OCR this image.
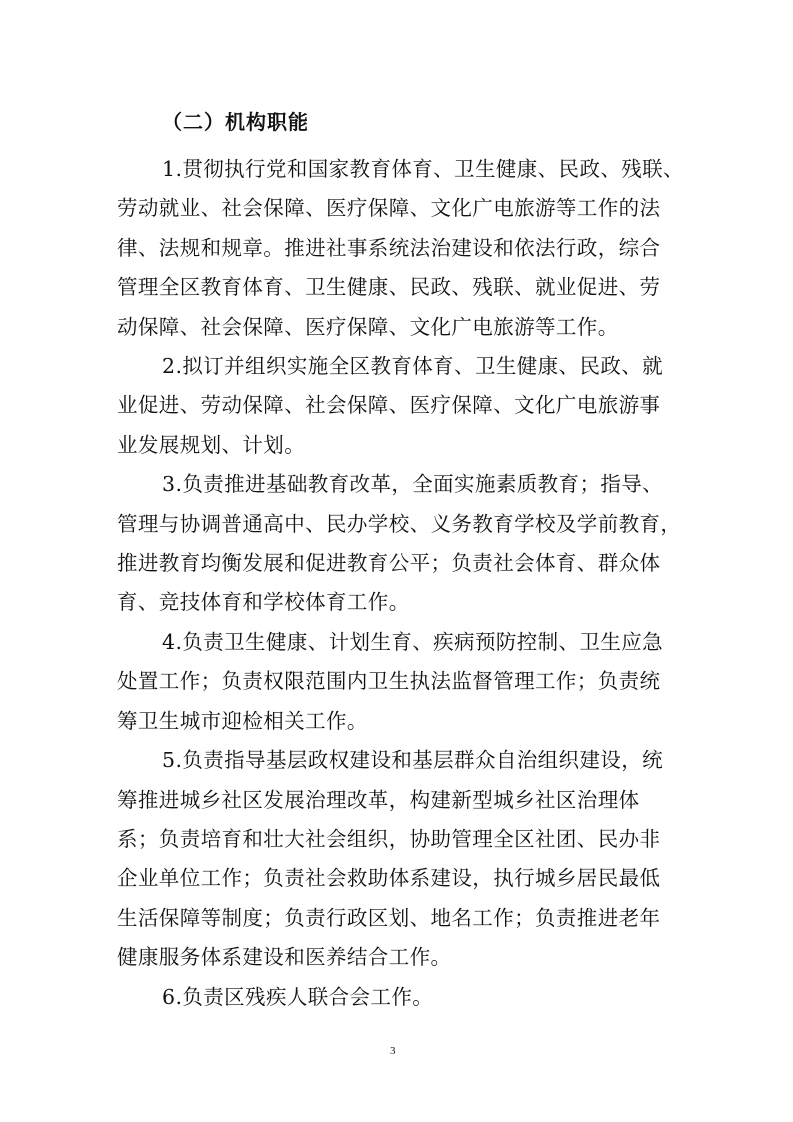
（二）机构职能

1.贯彻执行党和国家教育体育、卫生健康、民政、残联、
劳动就业、社会保障、医疗保障、文化广电旅游等工作的法
律、法规和规章。推进社事系统法治建设和依法行政，综合
管理全区教育体育、卫生健康、民政、残联、就业促进、劳
动保障、社会保障、医疗保障、文化广电旅游等工作。

2.拟订并组织实施全区教育体育、卫生健康、民政、就
业促进、劳动保障、社会保障、医疗保障、文化广电旅游事
业发展规划、计划。

3.负责推进基础教育改革，全面实施素质教育；指导、
管理与协调普通高中、民办学校、义务教育学校及学前教育，
推进教育均衡发展和促进教育公平；负责社会体育、群众体
育、竞技体育和学校体育工作。

4.负责卫生健康、计划生育、疾病预防控制、卫生应急
处置工作；负责权限范围内卫生执法监督管理工作；负责统
筹卫生城市迎检相关工作。

5.负责指导基层政权建设和基层群众自治组织建设，统
筹推进城乡社区发展治理改革，构建新型城乡社区治理体
系；负责培育和壮大社会组织，协助管理全区社团、民办非
企业单位工作；负责社会救助体系建设，执行城乡居民最低
生活保障等制度；负责行政区划、地名工作；负责推进老年
健康服务体系建设和医养结合工作。

6.负责区残疾人联合会工作。

3
